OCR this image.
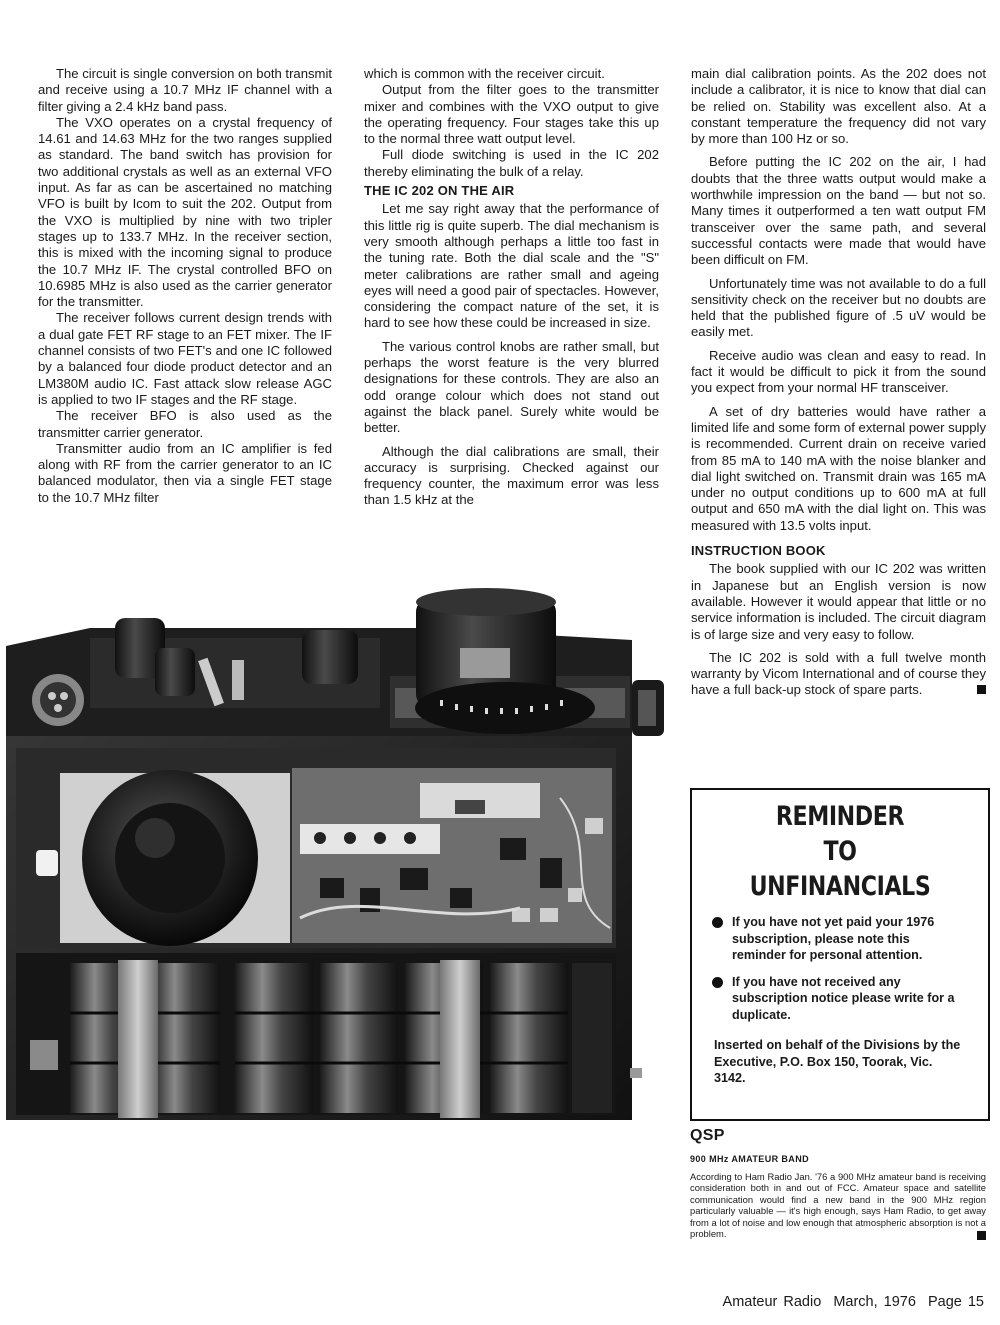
The circuit is single conversion on both transmit and receive using a 10.7 MHz IF channel with a filter giving a 2.4 kHz band pass.

The VXO operates on a crystal frequency of 14.61 and 14.63 MHz for the two ranges supplied as standard. The band switch has provision for two additional crystals as well as an external VFO input. As far as can be ascertained no matching VFO is built by Icom to suit the 202. Output from the VXO is multiplied by nine with two tripler stages up to 133.7 MHz. In the receiver section, this is mixed with the incoming signal to produce the 10.7 MHz IF. The crystal controlled BFO on 10.6985 MHz is also used as the carrier generator for the transmitter.

The receiver follows current design trends with a dual gate FET RF stage to an FET mixer. The IF channel consists of two FET's and one IC followed by a balanced four diode product detector and an LM380M audio IC. Fast attack slow release AGC is applied to two IF stages and the RF stage.

The receiver BFO is also used as the transmitter carrier generator.

Transmitter audio from an IC amplifier is fed along with RF from the carrier generator to an IC balanced modulator, then via a single FET stage to the 10.7 MHz filter

which is common with the receiver circuit.

Output from the filter goes to the transmitter mixer and combines with the VXO output to give the operating frequency. Four stages take this up to the normal three watt output level.

Full diode switching is used in the IC 202 thereby eliminating the bulk of a relay.

THE IC 202 ON THE AIR

Let me say right away that the performance of this little rig is quite superb. The dial mechanism is very smooth although perhaps a little too fast in the tuning rate. Both the dial scale and the "S" meter calibrations are rather small and ageing eyes will need a good pair of spectacles. However, considering the compact nature of the set, it is hard to see how these could be increased in size.

The various control knobs are rather small, but perhaps the worst feature is the very blurred designations for these controls. They are also an odd orange colour which does not stand out against the black panel. Surely white would be better.

Although the dial calibrations are small, their accuracy is surprising. Checked against our frequency counter, the maximum error was less than 1.5 kHz at the

main dial calibration points. As the 202 does not include a calibrator, it is nice to know that dial can be relied on. Stability was excellent also. At a constant temperature the frequency did not vary by more than 100 Hz or so.

Before putting the IC 202 on the air, I had doubts that the three watts output would make a worthwhile impression on the band — but not so. Many times it outperformed a ten watt output FM transceiver over the same path, and several successful contacts were made that would have been difficult on FM.

Unfortunately time was not available to do a full sensitivity check on the receiver but no doubts are held that the published figure of .5 uV would be easily met.

Receive audio was clean and easy to read. In fact it would be difficult to pick it from the sound you expect from your normal HF transceiver.

A set of dry batteries would have rather a limited life and some form of external power supply is recommended. Current drain on receive varied from 85 mA to 140 mA with the noise blanker and dial light switched on. Transmit drain was 165 mA under no output conditions up to 600 mA at full output and 650 mA with the dial light on. This was measured with 13.5 volts input.

INSTRUCTION BOOK

The book supplied with our IC 202 was written in Japanese but an English version is now available. However it would appear that little or no service information is included. The circuit diagram is of large size and very easy to follow.

The IC 202 is sold with a full twelve month warranty by Vicom International and of course they have a full back-up stock of spare parts.

REMINDER
TO
UNFINANCIALS
If you have not yet paid your 1976 subscription, please note this reminder for personal attention.
If you have not received any subscription notice please write for a duplicate.
Inserted on behalf of the Divisions by the Executive, P.O. Box 150, Toorak, Vic. 3142.
QSP
900 MHz AMATEUR BAND
According to Ham Radio Jan. '76 a 900 MHz amateur band is receiving consideration both in and out of FCC. Amateur space and satellite communication would find a new band in the 900 MHz region particularly valuable — it's high enough, says Ham Radio, to get away from a lot of noise and low enough that atmospheric absorption is not a problem.
Amateur Radio  March, 1976  Page 15
